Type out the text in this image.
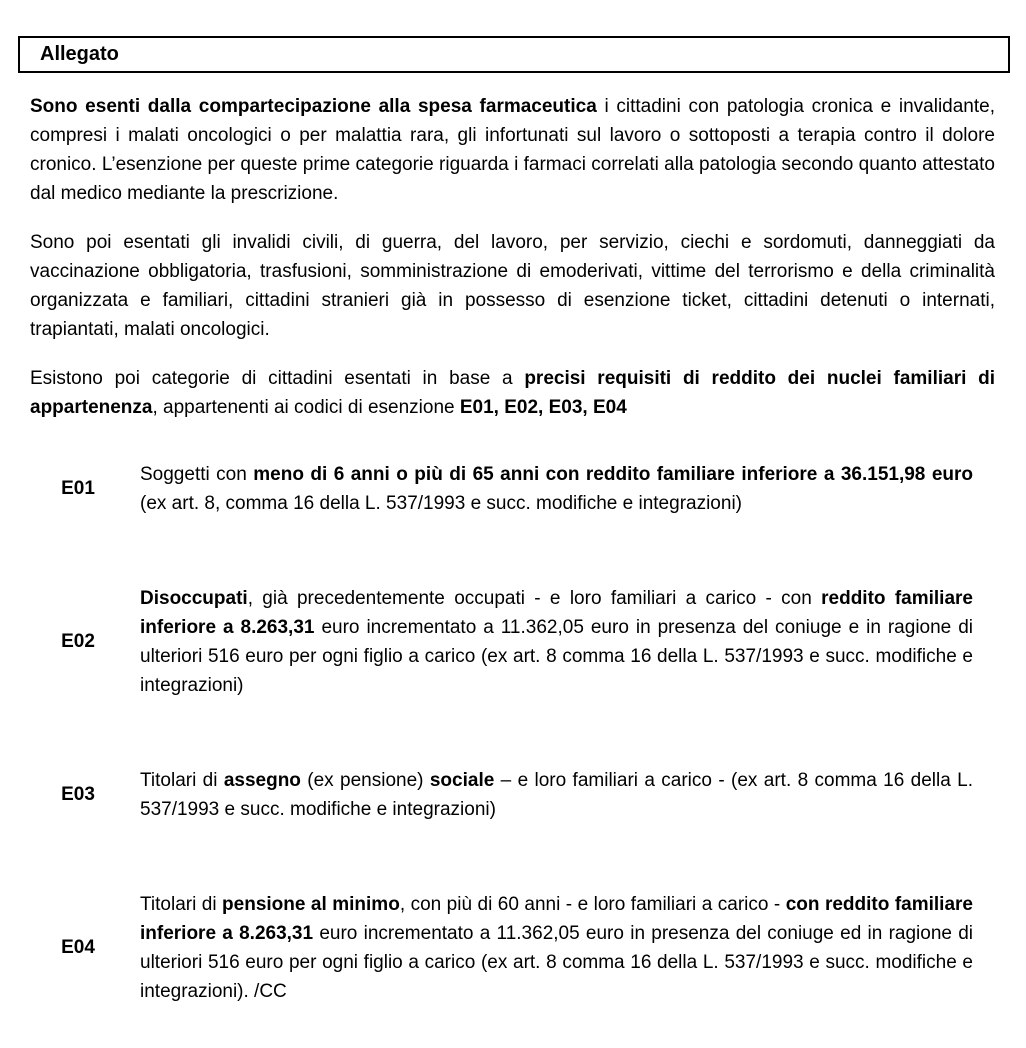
Allegato

Sono esenti dalla compartecipazione alla spesa farmaceutica i cittadini con patologia cronica e invalidante, compresi i malati oncologici o per malattia rara, gli infortunati sul lavoro o sottoposti a terapia contro il dolore cronico. L’esenzione per queste prime categorie riguarda i farmaci correlati alla patologia secondo quanto attestato dal medico mediante la prescrizione.

Sono poi esentati gli invalidi civili, di guerra, del lavoro, per servizio, ciechi e sordomuti, danneggiati da vaccinazione obbligatoria, trasfusioni, somministrazione di emoderivati, vittime del terrorismo e della criminalità organizzata e familiari, cittadini stranieri già in possesso di esenzione ticket, cittadini detenuti o internati, trapiantati, malati oncologici.

Esistono poi categorie di cittadini esentati in base a precisi requisiti di reddito dei nuclei familiari di appartenenza, appartenenti ai codici di esenzione E01, E02, E03, E04

E01
Soggetti con meno di 6 anni o più di 65 anni con reddito familiare inferiore a 36.151,98 euro (ex art. 8, comma 16 della L. 537/1993 e succ. modifiche e integrazioni)
E02
Disoccupati, già precedentemente occupati - e loro familiari a carico - con reddito familiare inferiore a 8.263,31 euro incrementato a 11.362,05 euro in presenza del coniuge e in ragione di ulteriori 516 euro per ogni figlio a carico (ex art. 8 comma 16 della L. 537/1993 e succ. modifiche e integrazioni)
E03
Titolari di assegno (ex pensione) sociale – e loro familiari a carico - (ex art. 8 comma 16 della L. 537/1993 e succ. modifiche e integrazioni)
E04
Titolari di pensione al minimo, con più di 60 anni - e loro familiari a carico - con reddito familiare inferiore a 8.263,31 euro incrementato a 11.362,05 euro in presenza del coniuge ed in ragione di ulteriori 516 euro per ogni figlio a carico (ex art. 8 comma 16 della L. 537/1993 e succ. modifiche e integrazioni). /CC
